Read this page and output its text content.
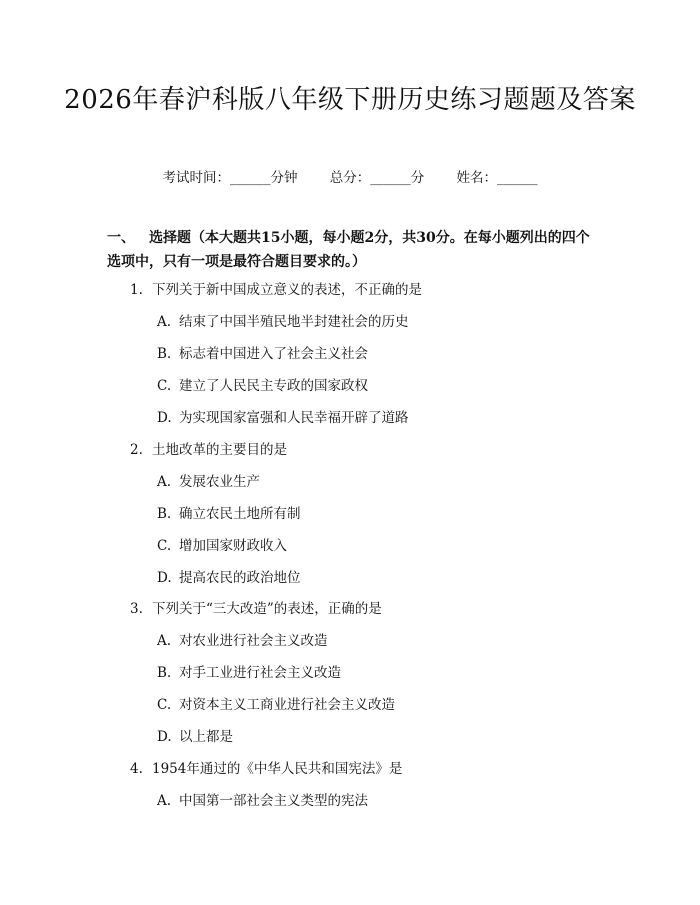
2026年春沪科版八年级下册历史练习题题及答案
考试时间：______分钟 总分：______分 姓名：______

一、 选择题（本大题共15小题，每小题2分，共30分。在每小题列出的四个选项中，只有一项是最符合题目要求的。）

1. 下列关于新中国成立意义的表述，不正确的是
A. 结束了中国半殖民地半封建社会的历史
B. 标志着中国进入了社会主义社会
C. 建立了人民民主专政的国家政权
D. 为实现国家富强和人民幸福开辟了道路
2. 土地改革的主要目的是
A. 发展农业生产
B. 确立农民土地所有制
C. 增加国家财政收入
D. 提高农民的政治地位
3. 下列关于“三大改造”的表述，正确的是
A. 对农业进行社会主义改造
B. 对手工业进行社会主义改造
C. 对资本主义工商业进行社会主义改造
D. 以上都是
4. 1954年通过的《中华人民共和国宪法》是
A. 中国第一部社会主义类型的宪法
